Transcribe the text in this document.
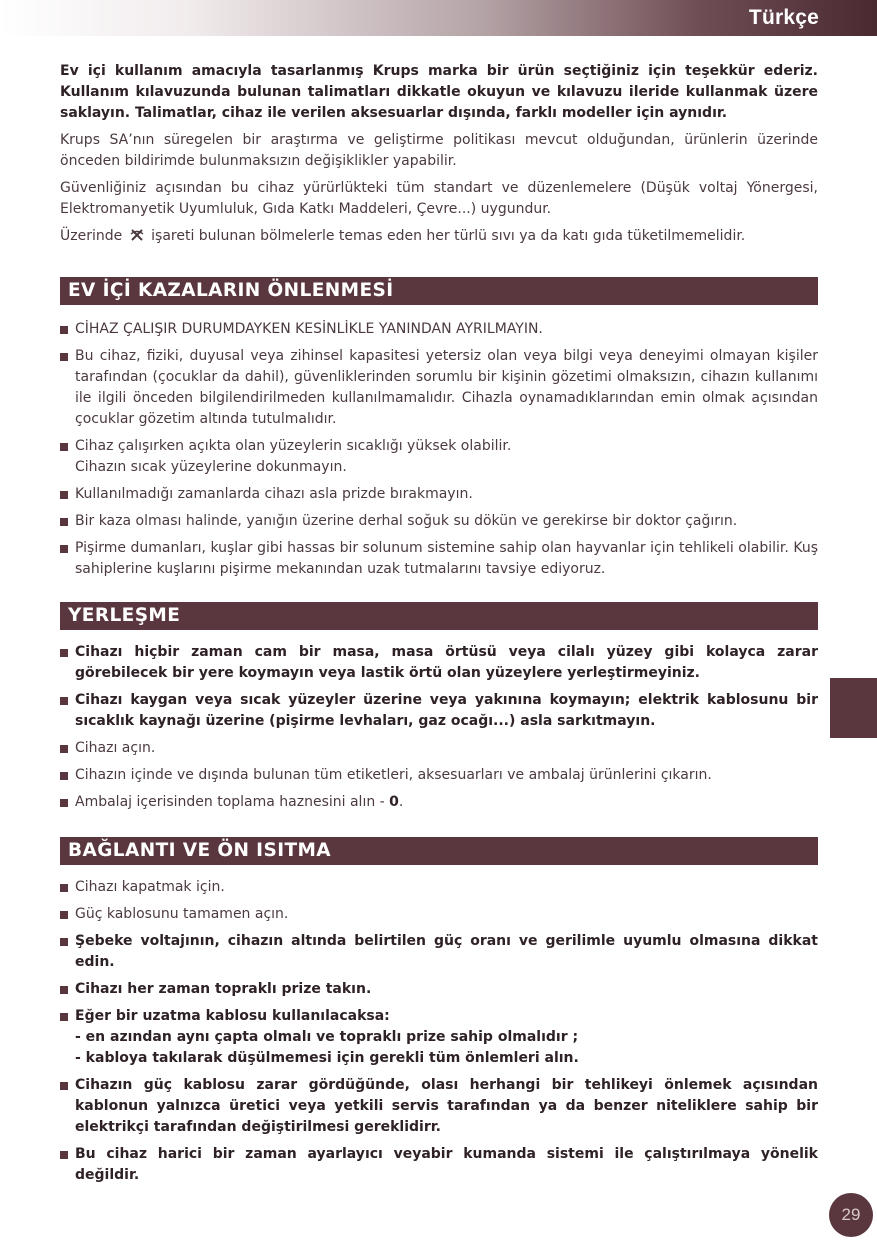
Türkçe

Ev içi kullanım amacıyla tasarlanmış Krups marka bir ürün seçtiğiniz için teşekkür ederiz. Kullanım kılavuzunda bulunan talimatları dikkatle okuyun ve kılavuzu ileride kullanmak üzere saklayın. Talimatlar, cihaz ile verilen aksesuarlar dışında, farklı modeller için aynıdır.

Krups SA’nın süregelen bir araştırma ve geliştirme politikası mevcut olduğundan, ürünlerin üzerinde önceden bildirimde bulunmaksızın değişiklikler yapabilir.

Güvenliğiniz açısından bu cihaz yürürlükteki tüm standart ve düzenlemelere (Düşük voltaj Yönergesi, Elektromanyetik Uyumluluk, Gıda Katkı Maddeleri, Çevre...) uygundur.

Üzerinde işareti bulunan bölmelerle temas eden her türlü sıvı ya da katı gıda tüketilmemelidir.

EV İÇİ KAZALARIN ÖNLENMESİ
CİHAZ ÇALIŞIR DURUMDAYKEN KESİNLİKLE YANINDAN AYRILMAYIN.
Bu cihaz, fiziki, duyusal veya zihinsel kapasitesi yetersiz olan veya bilgi veya deneyimi olmayan kişiler tarafından (çocuklar da dahil), güvenliklerinden sorumlu bir kişinin gözetimi olmaksızın, cihazın kullanımı ile ilgili önceden bilgilendirilmeden kullanılmamalıdır. Cihazla oynamadıklarından emin olmak açısından çocuklar gözetim altında tutulmalıdır.
Cihaz çalışırken açıkta olan yüzeylerin sıcaklığı yüksek olabilir.
Cihazın sıcak yüzeylerine dokunmayın.
Kullanılmadığı zamanlarda cihazı asla prizde bırakmayın.
Bir kaza olması halinde, yanığın üzerine derhal soğuk su dökün ve gerekirse bir doktor çağırın.
Pişirme dumanları, kuşlar gibi hassas bir solunum sistemine sahip olan hayvanlar için tehlikeli olabilir. Kuş sahiplerine kuşlarını pişirme mekanından uzak tutmalarını tavsiye ediyoruz.
YERLEŞME
Cihazı hiçbir zaman cam bir masa, masa örtüsü veya cilalı yüzey gibi kolayca zarar görebilecek bir yere koymayın veya lastik örtü olan yüzeylere yerleştirmeyiniz.
Cihazı kaygan veya sıcak yüzeyler üzerine veya yakınına koymayın; elektrik kablosunu bir sıcaklık kaynağı üzerine (pişirme levhaları, gaz ocağı...) asla sarkıtmayın.
Cihazı açın.
Cihazın içinde ve dışında bulunan tüm etiketleri, aksesuarları ve ambalaj ürünlerini çıkarın.
Ambalaj içerisinden toplama haznesini alın - 0.
BAĞLANTI VE ÖN ISITMA
Cihazı kapatmak için.
Güç kablosunu tamamen açın.
Şebeke voltajının, cihazın altında belirtilen güç oranı ve gerilimle uyumlu olmasına dikkat edin.
Cihazı her zaman topraklı prize takın.
Eğer bir uzatma kablosu kullanılacaksa:
- en azından aynı çapta olmalı ve topraklı prize sahip olmalıdır ;
- kabloya takılarak düşülmemesi için gerekli tüm önlemleri alın.
Cihazın güç kablosu zarar gördüğünde, olası herhangi bir tehlikeyi önlemek açısından kablonun yalnızca üretici veya yetkili servis tarafından ya da benzer niteliklere sahip bir elektrikçi tarafından değiştirilmesi gereklidirr.
Bu cihaz harici bir zaman ayarlayıcı veyabir kumanda sistemi ile çalıştırılmaya yönelik değildir.
29
